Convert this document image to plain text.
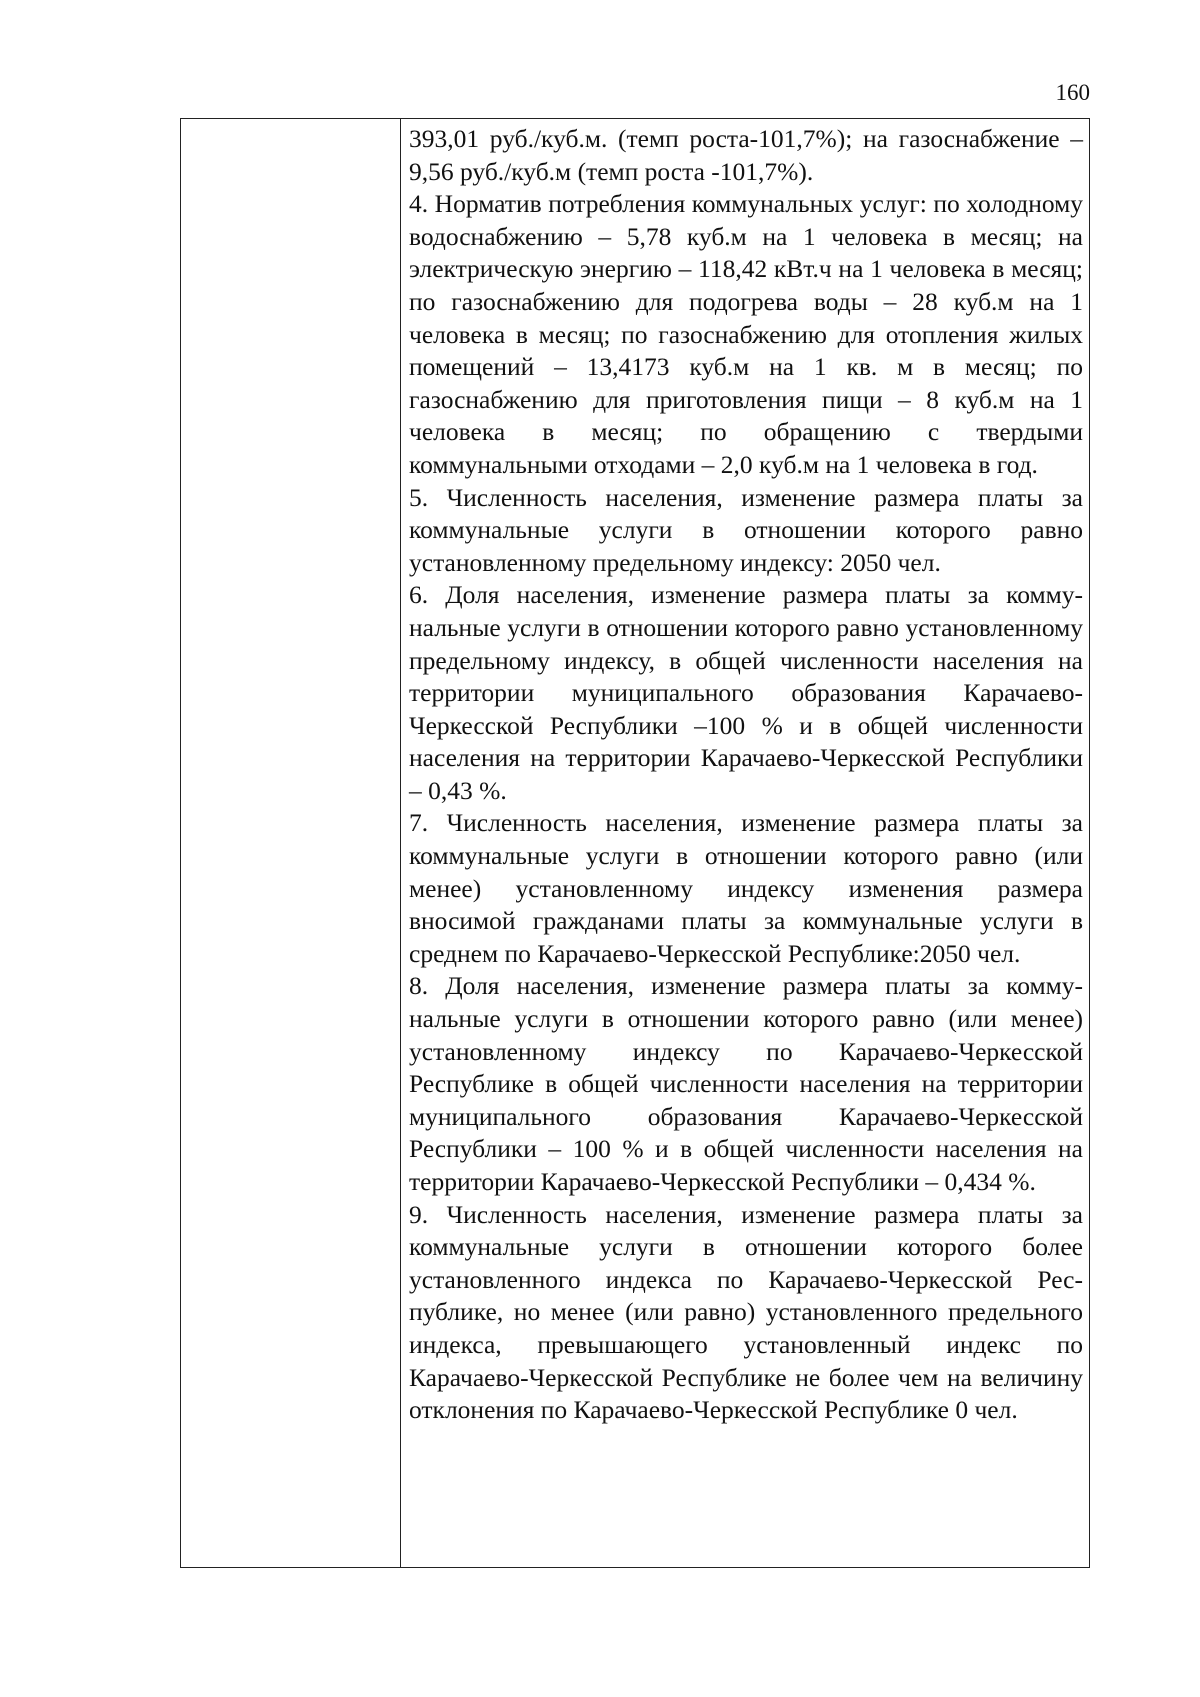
160

393,01 руб./куб.м. (темп роста-101,7%); на газоснабжение – 9,56 руб./куб.м (темп роста -101,7%).

4. Норматив потребления коммунальных услуг: по холодному водоснабжению – 5,78 куб.м на 1 человека в месяц; на электрическую энергию – 118,42 кВт.ч на 1 человека в месяц; по газоснабжению для подогрева воды – 28 куб.м на 1 человека в месяц; по газоснабжению для отопления жилых помещений – 13,4173 куб.м на 1 кв. м в месяц; по газоснабжению для приготовления пищи – 8 куб.м на 1 человека в месяц; по обращению с твердыми коммунальными отходами – 2,0 куб.м на 1 человека в год.

5. Численность населения, изменение размера платы за коммунальные услуги в отношении которого равно установленному предельному индексу: 2050 чел.

6. Доля населения, изменение размера платы за коммунальные услуги в отношении которого равно установленному предельному индексу, в общей численности населения на территории муниципального образования Карачаево-Черкесской Республики –100 % и в общей численности населения на территории Карачаево-Черкесской Республики – 0,43 %.

7. Численность населения, изменение размера платы за коммунальные услуги в отношении которого равно (или менее) установленному индексу изменения размера вносимой гражданами платы за коммунальные услуги в среднем по Карачаево-Черкесской Республике:2050 чел.

8. Доля населения, изменение размера платы за коммунальные услуги в отношении которого равно (или менее) установленному индексу по Карачаево-Черкесской Республике в общей численности населения на территории муниципального образования Карачаево-Черкесской Республики – 100 % и в общей численности населения на территории Карачаево-Черкесской Республики – 0,434 %.

9. Численность населения, изменение размера платы за коммунальные услуги в отношении которого более установленного индекса по Карачаево-Черкесской Республике, но менее (или равно) установленного предельного индекса, превышающего установленный индекс по Карачаево-Черкесской Республике не более чем на величину отклонения по Карачаево-Черкесской Республике 0 чел.
